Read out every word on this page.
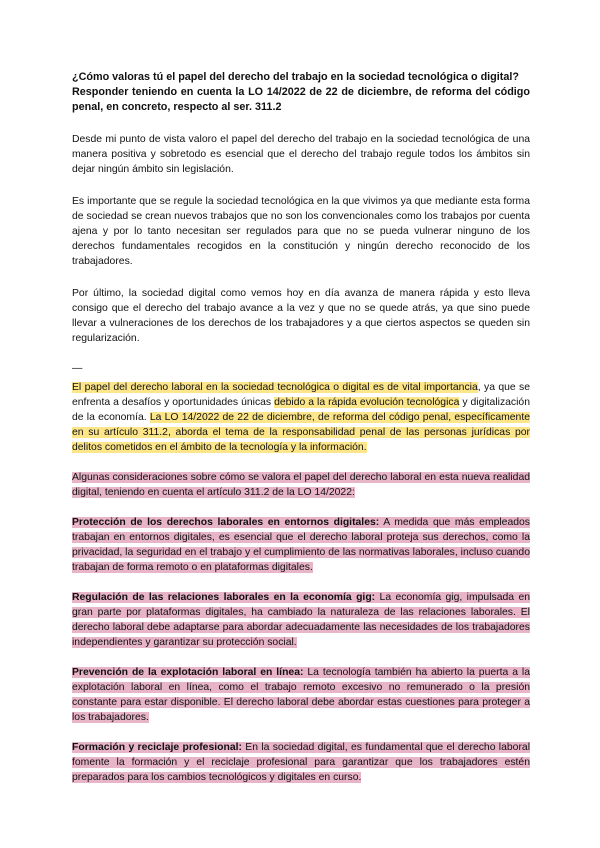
¿Cómo valoras tú el papel del derecho del trabajo en la sociedad tecnológica o digital?
Responder teniendo en cuenta la LO 14/2022 de 22 de diciembre, de reforma del código penal, en concreto, respecto al ser. 311.2

Desde mi punto de vista valoro el papel del derecho del trabajo en la sociedad tecnológica de una manera positiva y sobretodo es esencial que el derecho del trabajo regule todos los ámbitos sin dejar ningún ámbito sin legislación.

Es importante que se regule la sociedad tecnológica en la que vivimos ya que mediante esta forma de sociedad se crean nuevos trabajos que no son los convencionales como los trabajos por cuenta ajena y por lo tanto necesitan ser regulados para que no se pueda vulnerar ninguno de los derechos fundamentales recogidos en la constitución y ningún derecho reconocido de los trabajadores.

Por último, la sociedad digital como vemos hoy en día avanza de manera rápida y esto lleva consigo que el derecho del trabajo avance a la vez y que no se quede atrás, ya que sino puede llevar a vulneraciones de los derechos de los trabajadores y a que ciertos aspectos se queden sin regularización.

—

El papel del derecho laboral en la sociedad tecnológica o digital es de vital importancia, ya que se enfrenta a desafíos y oportunidades únicas debido a la rápida evolución tecnológica y digitalización de la economía. La LO 14/2022 de 22 de diciembre, de reforma del código penal, específicamente en su artículo 311.2, aborda el tema de la responsabilidad penal de las personas jurídicas por delitos cometidos en el ámbito de la tecnología y la información.

Algunas consideraciones sobre cómo se valora el papel del derecho laboral en esta nueva realidad digital, teniendo en cuenta el artículo 311.2 de la LO 14/2022:

Protección de los derechos laborales en entornos digitales: A medida que más empleados trabajan en entornos digitales, es esencial que el derecho laboral proteja sus derechos, como la privacidad, la seguridad en el trabajo y el cumplimiento de las normativas laborales, incluso cuando trabajan de forma remoto o en plataformas digitales.

Regulación de las relaciones laborales en la economía gig: La economía gig, impulsada en gran parte por plataformas digitales, ha cambiado la naturaleza de las relaciones laborales. El derecho laboral debe adaptarse para abordar adecuadamente las necesidades de los trabajadores independientes y garantizar su protección social.

Prevención de la explotación laboral en línea: La tecnología también ha abierto la puerta a la explotación laboral en línea, como el trabajo remoto excesivo no remunerado o la presión constante para estar disponible. El derecho laboral debe abordar estas cuestiones para proteger a los trabajadores.

Formación y reciclaje profesional: En la sociedad digital, es fundamental que el derecho laboral fomente la formación y el reciclaje profesional para garantizar que los trabajadores estén preparados para los cambios tecnológicos y digitales en curso.
